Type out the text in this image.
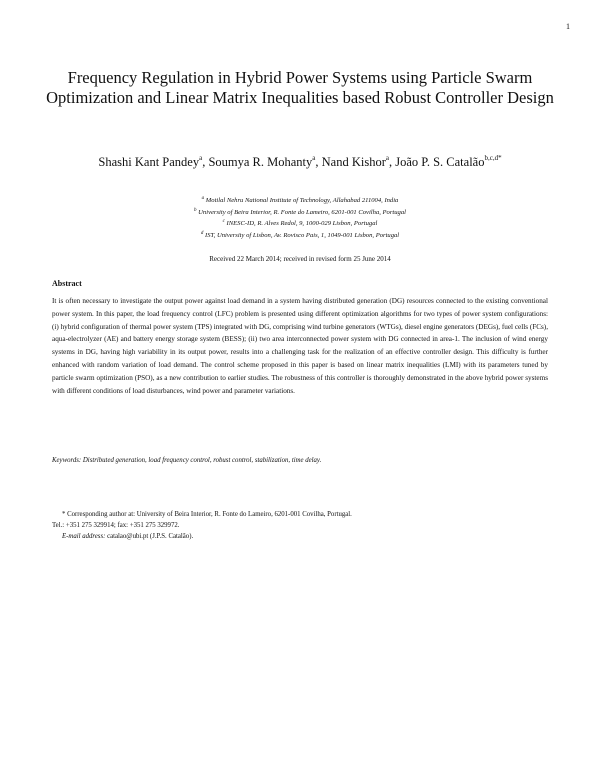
1
Frequency Regulation in Hybrid Power Systems using Particle Swarm Optimization and Linear Matrix Inequalities based Robust Controller Design
Shashi Kant Pandey$^a$, Soumya R. Mohanty$^a$, Nand Kishor$^a$, João P. S. Catalão$^{b,c,d*}$
$^a$ Motilal Nehru National Institute of Technology, Allahabad 211004, India
$^b$ University of Beira Interior, R. Fonte do Lameiro, 6201-001 Covilha, Portugal
$^c$ INESC-ID, R. Alves Redol, 9, 1000-029 Lisbon, Portugal
$^d$ IST, University of Lisbon, Av. Rovisco Pais, 1, 1049-001 Lisbon, Portugal
Received 22 March 2014; received in revised form 25 June 2014
Abstract
It is often necessary to investigate the output power against load demand in a system having distributed generation (DG) resources connected to the existing conventional power system. In this paper, the load frequency control (LFC) problem is presented using different optimization algorithms for two types of power system configurations: (i) hybrid configuration of thermal power system (TPS) integrated with DG, comprising wind turbine generators (WTGs), diesel engine generators (DEGs), fuel cells (FCs), aqua-electrolyzer (AE) and battery energy storage system (BESS); (ii) two area interconnected power system with DG connected in area-1. The inclusion of wind energy systems in DG, having high variability in its output power, results into a challenging task for the realization of an effective controller design. This difficulty is further enhanced with random variation of load demand. The control scheme proposed in this paper is based on linear matrix inequalities (LMI) with its parameters tuned by particle swarm optimization (PSO), as a new contribution to earlier studies. The robustness of this controller is thoroughly demonstrated in the above hybrid power systems with different conditions of load disturbances, wind power and parameter variations.
Keywords: Distributed generation, load frequency control, robust control, stabilization, time delay.
* Corresponding author at: University of Beira Interior, R. Fonte do Lameiro, 6201-001 Covilha, Portugal.
Tel.: +351 275 329914; fax: +351 275 329972.
E-mail address: catalao@ubi.pt (J.P.S. Catalão).
